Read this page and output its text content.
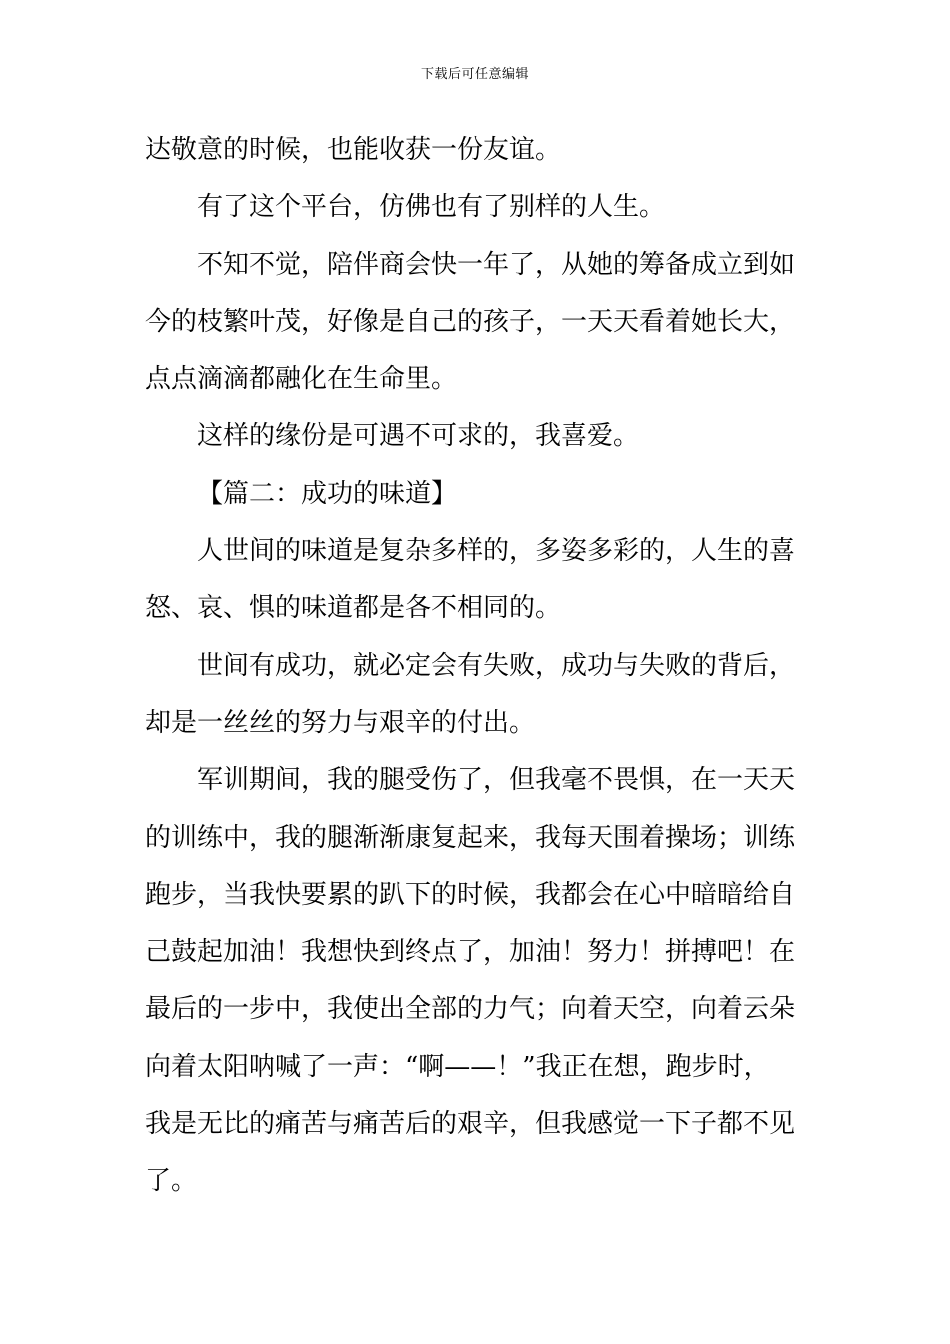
下载后可任意编辑
达敬意的时候，也能收获一份友谊。
有了这个平台，仿佛也有了别样的人生。
不知不觉，陪伴商会快一年了，从她的筹备成立到如
今的枝繁叶茂，好像是自己的孩子，一天天看着她长大，
点点滴滴都融化在生命里。
这样的缘份是可遇不可求的，我喜爱。
【篇二：成功的味道】
人世间的味道是复杂多样的，多姿多彩的，人生的喜
怒、哀、惧的味道都是各不相同的。
世间有成功，就必定会有失败，成功与失败的背后，
却是一丝丝的努力与艰辛的付出。
军训期间，我的腿受伤了，但我毫不畏惧，在一天天
的训练中，我的腿渐渐康复起来，我每天围着操场；训练
跑步，当我快要累的趴下的时候，我都会在心中暗暗给自
己鼓起加油！我想快到终点了，加油！努力！拼搏吧！在
最后的一步中，我使出全部的力气；向着天空，向着云朵
向着太阳呐喊了一声：“啊——！”我正在想，跑步时，
我是无比的痛苦与痛苦后的艰辛，但我感觉一下子都不见
了。
